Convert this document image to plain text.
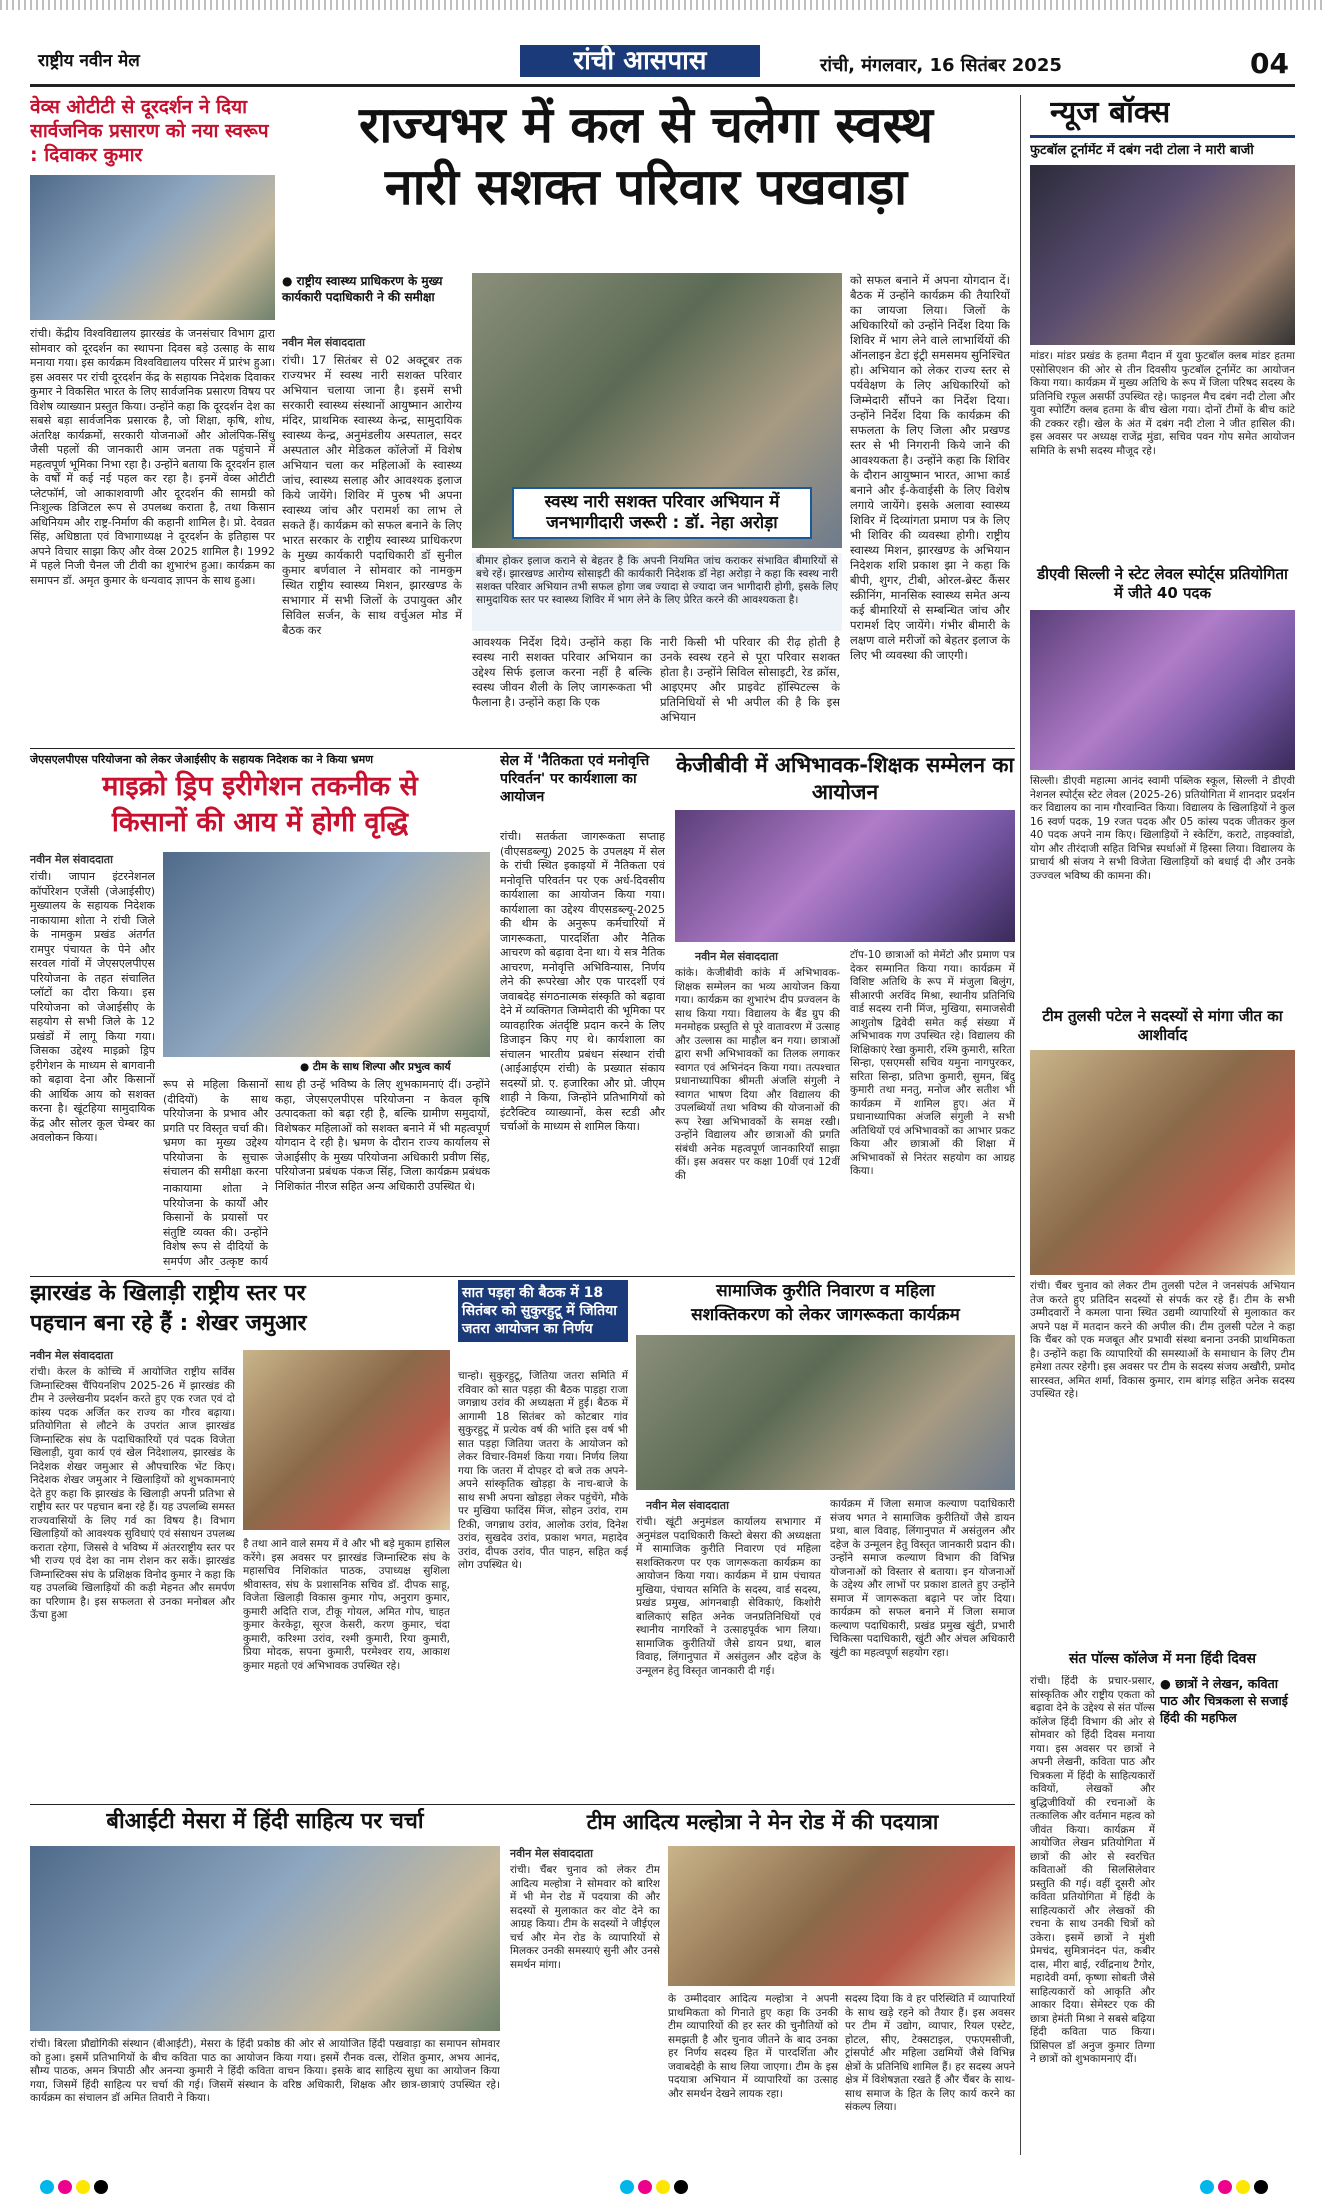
राष्ट्रीय नवीन मेल	रांची आसपास	रांची, मंगलवार, 16 सितंबर 2025	04
वेव्स ओटीटी से दूरदर्शन ने दिया सार्वजनिक प्रसारण को नया स्वरूप : दिवाकर कुमार
रांची। केंद्रीय विश्वविद्यालय झारखंड के जनसंचार विभाग द्वारा सोमवार को दूरदर्शन का स्थापना दिवस बड़े उत्साह के साथ मनाया गया। इस कार्यक्रम विश्वविद्यालय परिसर में प्रारंभ हुआ। इस अवसर पर रांची दूरदर्शन केंद्र के सहायक निदेशक दिवाकर कुमार ने विकसित भारत के लिए सार्वजनिक प्रसारण विषय पर विशेष व्याख्यान प्रस्तुत किया। उन्होंने कहा कि दूरदर्शन देश का सबसे बड़ा सार्वजनिक प्रसारक है, जो शिक्षा, कृषि, शोध, अंतरिक्ष कार्यक्रमों, सरकारी योजनाओं और ओलंपिक-सिंधु जैसी पहलों की जानकारी आम जनता तक पहुंचाने में महत्वपूर्ण भूमिका निभा रहा है। उन्होंने बताया कि दूरदर्शन हाल के वर्षों में कई नई पहल कर रहा है। इनमें वेव्स ओटीटी प्लेटफॉर्म, जो आकाशवाणी और दूरदर्शन की सामग्री को निःशुल्क डिजिटल रूप से उपलब्ध कराता है, तथा किसान अधिनियम और राष्ट्र-निर्माण की कहानी शामिल है। प्रो. देवव्रत सिंह, अधिष्ठाता एवं विभागाध्यक्ष ने दूरदर्शन के इतिहास पर अपने विचार साझा किए और वेव्स 2025 शामिल है। 1992 में पहले निजी चैनल जी टीवी का शुभारंभ हुआ। कार्यक्रम का समापन डॉ. अमृत कुमार के धन्यवाद ज्ञापन के साथ हुआ।
राज्यभर में कल से चलेगा स्वस्थ
नारी सशक्त परिवार पखवाड़ा
● राष्ट्रीय स्वास्थ्य प्राधिकरण के मुख्य कार्यकारी पदाधिकारी ने की समीक्षा
नवीन मेल संवाददाता
रांची। 17 सितंबर से 02 अक्टूबर तक राज्यभर में स्वस्थ नारी सशक्त परिवार अभियान चलाया जाना है। इसमें सभी सरकारी स्वास्थ्य संस्थानों आयुष्मान आरोग्य मंदिर, प्राथमिक स्वास्थ्य केन्द्र, सामुदायिक स्वास्थ्य केन्द्र, अनुमंडलीय अस्पताल, सदर अस्पताल और मेडिकल कॉलेजों में विशेष अभियान चला कर महिलाओं के स्वास्थ्य जांच, स्वास्थ्य सलाह और आवश्यक इलाज किये जायेंगे। शिविर में पुरुष भी अपना स्वास्थ्य जांच और परामर्श का लाभ ले सकते हैं। कार्यक्रम को सफल बनाने के लिए भारत सरकार के राष्ट्रीय स्वास्थ्य प्राधिकरण के मुख्य कार्यकारी पदाधिकारी डॉ सुनील कुमार बर्णवाल ने सोमवार को नामकुम स्थित राष्ट्रीय स्वास्थ्य मिशन, झारखण्ड के सभागार में सभी जिलों के उपायुक्त और सिविल सर्जन, के साथ वर्चुअल मोड में बैठक कर
स्वस्थ नारी सशक्त परिवार अभियान में जनभागीदारी जरूरी : डॉ. नेहा अरोड़ा
बीमार होकर इलाज कराने से बेहतर है कि अपनी नियमित जांच कराकर संभावित बीमारियों से बचे रहें। झारखण्ड आरोग्य सोसाइटी की कार्यकारी निदेशक डॉ नेहा अरोड़ा ने कहा कि स्वस्थ नारी सशक्त परिवार अभियान तभी सफल होगा जब ज्यादा से ज्यादा जन भागीदारी होगी, इसके लिए सामुदायिक स्तर पर स्वास्थ्य शिविर में भाग लेने के लिए प्रेरित करने की आवश्यकता है।
आवश्यक निर्देश दिये। उन्होंने कहा कि स्वस्थ नारी सशक्त परिवार अभियान का उद्देश्य सिर्फ इलाज करना नहीं है बल्कि स्वस्थ जीवन शैली के लिए जागरूकता भी फैलाना है। उन्होंने कहा कि एक
नारी किसी भी परिवार की रीढ़ होती है उनके स्वस्थ रहने से पूरा परिवार सशक्त होता है। उन्होंने सिविल सोसाइटी, रेड क्रॉस, आइएमए और प्राइवेट हॉस्पिटल्स के प्रतिनिधियों से भी अपील की है कि इस अभियान
को सफल बनाने में अपना योगदान दें। बैठक में उन्होंने कार्यक्रम की तैयारियों का जायजा लिया। जिलों के अधिकारियों को उन्होंने निर्देश दिया कि शिविर में भाग लेने वाले लाभार्थियों की ऑनलाइन डेटा इंट्री समसमय सुनिश्चित हो। अभियान को लेकर राज्य स्तर से पर्यवेक्षण के लिए अधिकारियों को जिम्मेदारी सौंपने का निर्देश दिया। उन्होंने निर्देश दिया कि कार्यक्रम की सफलता के लिए जिला और प्रखण्ड स्तर से भी निगरानी किये जाने की आवश्यकता है। उन्होंने कहा कि शिविर के दौरान आयुष्मान भारत, आभा कार्ड बनाने और ई-केवाईसी के लिए विशेष लगाये जायेंगे। इसके अलावा स्वास्थ्य शिविर में दिव्यांगता प्रमाण पत्र के लिए भी शिविर की व्यवस्था होगी। राष्ट्रीय स्वास्थ्य मिशन, झारखण्ड के अभियान निदेशक शशि प्रकाश झा ने कहा कि बीपी, शुगर, टीबी, ओरल-ब्रेस्ट कैंसर स्क्रीनिंग, मानसिक स्वास्थ्य समेत अन्य कई बीमारियों से सम्बन्धित जांच और परामर्श दिए जायेंगे। गंभीर बीमारी के लक्षण वाले मरीजों को बेहतर इलाज के लिए भी व्यवस्था की जाएगी।
न्यूज बॉक्स
फुटबॉल टूर्नामेंट में दबंग नदी टोला ने मारी बाजी
मांडर। मांडर प्रखंड के हतमा मैदान में युवा फुटबॉल क्लब मांडर हतमा एसोसिएशन की ओर से तीन दिवसीय फुटबॉल टूर्नामेंट का आयोजन किया गया। कार्यक्रम में मुख्य अतिथि के रूप में जिला परिषद सदस्य के प्रतिनिधि रफूल असर्फी उपस्थित रहे। फाइनल मैच दबंग नदी टोला और युवा स्पोर्टिंग क्लब हतमा के बीच खेला गया। दोनों टीमों के बीच कांटे की टक्कर रही। खेल के अंत में दबंग नदी टोला ने जीत हासिल की। इस अवसर पर अध्यक्ष राजेंद्र मुंडा, सचिव पवन गोप समेत आयोजन समिति के सभी सदस्य मौजूद रहे।
डीएवी सिल्ली ने स्टेट लेवल स्पोर्ट्स प्रतियोगिता में जीते 40 पदक
सिल्ली। डीएवी महात्मा आनंद स्वामी पब्लिक स्कूल, सिल्ली ने डीएवी नेशनल स्पोर्ट्स स्टेट लेवल (2025-26) प्रतियोगिता में शानदार प्रदर्शन कर विद्यालय का नाम गौरवान्वित किया। विद्यालय के खिलाड़ियों ने कुल 16 स्वर्ण पदक, 19 रजत पदक और 05 कांस्य पदक जीतकर कुल 40 पदक अपने नाम किए। खिलाड़ियों ने स्केटिंग, कराटे, ताइक्वांडो, योग और तीरंदाजी सहित विभिन्न स्पर्धाओं में हिस्सा लिया। विद्यालय के प्राचार्य श्री संजय ने सभी विजेता खिलाड़ियों को बधाई दी और उनके उज्ज्वल भविष्य की कामना की।
टीम तुलसी पटेल ने सदस्यों से मांगा जीत का आशीर्वाद
रांची। चैंबर चुनाव को लेकर टीम तुलसी पटेल ने जनसंपर्क अभियान तेज करते हुए प्रतिदिन सदस्यों से संपर्क कर रहे हैं। टीम के सभी उम्मीदवारों ने कमला पाना स्थित उद्यमी व्यापारियों से मुलाकात कर अपने पक्ष में मतदान करने की अपील की। टीम तुलसी पटेल ने कहा कि चैंबर को एक मजबूत और प्रभावी संस्था बनाना उनकी प्राथमिकता है। उन्होंने कहा कि व्यापारियों की समस्याओं के समाधान के लिए टीम हमेशा तत्पर रहेगी। इस अवसर पर टीम के सदस्य संजय अखौरी, प्रमोद सारस्वत, अमित शर्मा, विकास कुमार, राम बांगड़ सहित अनेक सदस्य उपस्थित रहे।
संत पॉल्स कॉलेज में मना हिंदी दिवस
● छात्रों ने लेखन, कविता पाठ और चित्रकला से सजाई हिंदी की महफिल
रांची। हिंदी के प्रचार-प्रसार, सांस्कृतिक और राष्ट्रीय एकता को बढ़ावा देने के उद्देश्य से संत पॉल्स कॉलेज हिंदी विभाग की ओर से सोमवार को हिंदी दिवस मनाया गया। इस अवसर पर छात्रों ने अपनी लेखनी, कविता पाठ और चित्रकला में हिंदी के साहित्यकारों कवियों, लेखकों और बुद्धिजीवियों की रचनाओं के तत्कालिक और वर्तमान महत्व को जीवंत किया। कार्यक्रम में आयोजित लेखन प्रतियोगिता में छात्रों की ओर से स्वरचित कविताओं की सिलसिलेवार प्रस्तुति की गई। वहीं दूसरी ओर कविता प्रतियोगिता में हिंदी के साहित्यकारों और लेखकों की रचना के साथ उनकी चित्रों को उकेरा। इसमें छात्रों ने मुंशी प्रेमचंद, सुमित्रानंदन पंत, कबीर दास, मीरा बाई, रवींद्रनाथ टैगोर, महादेवी वर्मा, कृष्णा सोबती जैसे साहित्यकारों को आकृति और आकार दिया। सेमेस्टर एक की छात्रा हेमंती मिश्रा ने सबसे बढ़िया हिंदी कविता पाठ किया। प्रिंसिपल डॉ अनुज कुमार तिग्गा ने छात्रों को शुभकामनाएं दीं।
जेएसएलपीएस परियोजना को लेकर जेआईसीए के सहायक निदेशक का ने किया भ्रमण
माइक्रो ड्रिप इरीगेशन तकनीक से
किसानों की आय में होगी वृद्धि
नवीन मेल संवाददाता
रांची। जापान इंटरनेशनल कॉर्पोरेशन एजेंसी (जेआईसीए) मुख्यालय के सहायक निदेशक नाकायामा शोता ने रांची जिले के नामकुम प्रखंड अंतर्गत रामपुर पंचायत के पेने और सरवल गांवों में जेएसएलपीएस परियोजना के तहत संचालित प्लॉटों का दौरा किया। इस परियोजना को जेआईसीए के सहयोग से सभी जिले के 12 प्रखंडों में लागू किया गया। जिसका उद्देश्य माइक्रो ड्रिप इरीगेशन के माध्यम से बागवानी को बढ़ावा देना और किसानों की आर्थिक आय को सशक्त करना है। खूंटहिया सामुदायिक केंद्र और सोलर कूल चेम्बर का अवलोकन किया।
● टीम के साथ शिल्पा और प्रभुत्व कार्य
रूप से महिला किसानों (दीदियों) के साथ परियोजना के प्रभाव और प्रगति पर विस्तृत चर्चा की। भ्रमण का मुख्य उद्देश्य परियोजना के सुचारू संचालन की समीक्षा करना
नाकायामा शोता ने परियोजना के कार्यों और किसानों के प्रयासों पर संतुष्टि व्यक्त की। उन्होंने विशेष रूप से दीदियों के समर्पण और उत्कृष्ट कार्य
साथ ही उन्हें भविष्य के लिए शुभकामनाएं दीं। उन्होंने कहा, जेएसएलपीएस परियोजना न केवल कृषि उत्पादकता को बढ़ा रही है, बल्कि ग्रामीण समुदायों, विशेषकर महिलाओं को सशक्त बनाने में भी महत्वपूर्ण योगदान दे रही है। भ्रमण के दौरान राज्य कार्यालय से जेआईसीए के मुख्य परियोजना अधिकारी प्रवीण सिंह, परियोजना प्रबंधक पंकज सिंह, जिला कार्यक्रम प्रबंधक निशिकांत नीरज सहित अन्य अधिकारी उपस्थित थे।
सेल में 'नैतिकता एवं मनोवृत्ति परिवर्तन' पर कार्यशाला का आयोजन
रांची। सतर्कता जागरूकता सप्ताह (वीएसडब्ल्यू) 2025 के उपलक्ष्य में सेल के रांची स्थित इकाइयों में नैतिकता एवं मनोवृत्ति परिवर्तन पर एक अर्ध-दिवसीय कार्यशाला का आयोजन किया गया। कार्यशाला का उद्देश्य वीएसडब्ल्यू-2025 की थीम के अनुरूप कर्मचारियों में जागरूकता, पारदर्शिता और नैतिक आचरण को बढ़ावा देना था। ये सत्र नैतिक आचरण, मनोवृत्ति अभिविन्यास, निर्णय लेने की रूपरेखा और एक पारदर्शी एवं जवाबदेह संगठनात्मक संस्कृति को बढ़ावा देने में व्यक्तिगत जिम्मेदारी की भूमिका पर व्यावहारिक अंतर्दृष्टि प्रदान करने के लिए डिजाइन किए गए थे। कार्यशाला का संचालन भारतीय प्रबंधन संस्थान रांची (आईआईएम रांची) के प्रख्यात संकाय सदस्यों प्रो. ए. हजारिका और प्रो. जीएम शाही ने किया, जिन्होंने प्रतिभागियों को इंटरैक्टिव व्याख्यानों, केस स्टडी और चर्चाओं के माध्यम से शामिल किया।
केजीबीवी में अभिभावक-शिक्षक सम्मेलन का आयोजन
नवीन मेल संवाददाता
कांके। केजीबीवी कांके में अभिभावक-शिक्षक सम्मेलन का भव्य आयोजन किया गया। कार्यक्रम का शुभारंभ दीप प्रज्वलन के साथ किया गया। विद्यालय के बैंड ग्रुप की मनमोहक प्रस्तुति से पूरे वातावरण में उत्साह और उल्लास का माहौल बन गया। छात्राओं द्वारा सभी अभिभावकों का तिलक लगाकर स्वागत एवं अभिनंदन किया गया। तत्पश्चात प्रधानाध्यापिका श्रीमती अंजलि संगुली ने स्वागत भाषण दिया और विद्यालय की उपलब्धियों तथा भविष्य की योजनाओं की रूप रेखा अभिभावकों के समक्ष रखी। उन्होंने विद्यालय और छात्राओं की प्रगति संबंधी अनेक महत्वपूर्ण जानकारियाँ साझा कीं। इस अवसर पर कक्षा 10वीं एवं 12वीं की
टॉप-10 छात्राओं को मेमेंटो और प्रमाण पत्र देकर सम्मानित किया गया। कार्यक्रम में विशिष्ट अतिथि के रूप में मंजुला बिलुंग, सीआरपी अरविंद मिश्रा, स्थानीय प्रतिनिधि वार्ड सदस्य रानी मिंज, मुखिया, समाजसेवी आशुतोष द्विवेदी समेत कई संख्या में अभिभावक गण उपस्थित रहे। विद्यालय की शिक्षिकाएं रेखा कुमारी, रश्मि कुमारी, सरिता सिन्हा, एसएमसी सचिव यमुना नागपुरकर, सरिता सिन्हा, प्रतिभा कुमारी, सुमन, बिंदु कुमारी तथा मनतु, मनोज और सतीश भी कार्यक्रम में शामिल हुए। अंत में प्रधानाध्यापिका अंजलि संगुली ने सभी अतिथियों एवं अभिभावकों का आभार प्रकट किया और छात्राओं की शिक्षा में अभिभावकों से निरंतर सहयोग का आग्रह किया।
झारखंड के खिलाड़ी राष्ट्रीय स्तर पर
पहचान बना रहे हैं : शेखर जमुआर
नवीन मेल संवाददाता
रांची। केरल के कोच्चि में आयोजित राष्ट्रीय सर्विस जिम्नास्टिक्स चैंपियनशिप 2025-26 में झारखंड की टीम ने उल्लेखनीय प्रदर्शन करते हुए एक रजत एवं दो कांस्य पदक अर्जित कर राज्य का गौरव बढ़ाया। प्रतियोगिता से लौटने के उपरांत आज झारखंड जिम्नास्टिक संघ के पदाधिकारियों एवं पदक विजेता खिलाड़ी, युवा कार्य एवं खेल निदेशालय, झारखंड के निदेशक शेखर जमुआर से औपचारिक भेंट किए। निदेशक शेखर जमुआर ने खिलाड़ियों को शुभकामनाएं देते हुए कहा कि झारखंड के खिलाड़ी अपनी प्रतिभा से राष्ट्रीय स्तर पर पहचान बना रहे हैं। यह उपलब्धि समस्त राज्यवासियों के लिए गर्व का विषय है। विभाग खिलाड़ियों को आवश्यक सुविधाएं एवं संसाधन उपलब्ध कराता रहेगा, जिससे वे भविष्य में अंतरराष्ट्रीय स्तर पर भी राज्य एवं देश का नाम रोशन कर सकें। झारखंड जिम्नास्टिक्स संघ के प्रशिक्षक विनोद कुमार ने कहा कि यह उपलब्धि खिलाड़ियों की कड़ी मेहनत और समर्पण का परिणाम है। इस सफलता से उनका मनोबल और ऊँचा हुआ
है तथा आने वाले समय में वे और भी बड़े मुकाम हासिल करेंगे। इस अवसर पर झारखंड जिम्नास्टिक संघ के महासचिव निशिकांत पाठक, उपाध्यक्ष सुशिला श्रीवास्तव, संघ के प्रशासनिक सचिव डॉ. दीपक साहू, विजेता खिलाड़ी विकास कुमार गोप, अनुराग कुमार, कुमारी अदिति राज, टीकू गोयल, अमित गोप, चाहत कुमार केरकेट्टा, सूरज केसरी, करण कुमार, चंदा कुमारी, करिश्मा उरांव, रश्मी कुमारी, रिया कुमारी, प्रिया मोदक, सपना कुमारी, परमेश्वर राय, आकाश कुमार महतो एवं अभिभावक उपस्थित रहे।
सात पड़हा की बैठक में 18 सितंबर को सुकुरहुटू में जितिया जतरा आयोजन का निर्णय
चान्हो। सुकुरहुटू, जितिया जतरा समिति में रविवार को सात पड़हा की बैठक पाड़हा राजा जगन्नाथ उरांव की अध्यक्षता में हुई। बैठक में आगामी 18 सितंबर को कोटबार गांव सुकुरहुटू में प्रत्येक वर्ष की भांति इस वर्ष भी सात पड़हा जितिया जतरा के आयोजन को लेकर विचार-विमर्श किया गया। निर्णय लिया गया कि जतरा में दोपहर दो बजे तक अपने-अपने सांस्कृतिक खोड़हा के नाच-बाजे के साथ सभी अपना खोड़हा लेकर पहुंचेंगे, मौके पर मुखिया फादिंस मिंज, सोहन उरांव, राम टिकी, जगन्नाथ उरांव, आलोक उरांव, दिनेश उरांव, सुखदेव उरांव, प्रकाश भगत, महादेव उरांव, दीपक उरांव, पीत पाहन, सहित कई लोग उपस्थित थे।
सामाजिक कुरीति निवारण व महिला
सशक्तिकरण को लेकर जागरूकता कार्यक्रम
नवीन मेल संवाददाता
रांची। खूंटी अनुमंडल कार्यालय सभागार में अनुमंडल पदाधिकारी किस्टो बेसरा की अध्यक्षता में सामाजिक कुरीति निवारण एवं महिला सशक्तिकरण पर एक जागरूकता कार्यक्रम का आयोजन किया गया। कार्यक्रम में ग्राम पंचायत मुखिया, पंचायत समिति के सदस्य, वार्ड सदस्य, प्रखंड प्रमुख, आंगनबाड़ी सेविकाएं, किशोरी बालिकाएं सहित अनेक जनप्रतिनिधियों एवं स्थानीय नागरिकों ने उत्साहपूर्वक भाग लिया। सामाजिक कुरीतियों जैसे डायन प्रथा, बाल विवाह, लिंगानुपात में असंतुलन और दहेज के उन्मूलन हेतु विस्तृत जानकारी दी गई।
कार्यक्रम में जिला समाज कल्याण पदाधिकारी संजय भगत ने सामाजिक कुरीतियों जैसे डायन प्रथा, बाल विवाह, लिंगानुपात में असंतुलन और दहेज के उन्मूलन हेतु विस्तृत जानकारी प्रदान की। उन्होंने समाज कल्याण विभाग की विभिन्न योजनाओं को विस्तार से बताया। इन योजनाओं के उद्देश्य और लाभों पर प्रकाश डालते हुए उन्होंने समाज में जागरूकता बढ़ाने पर जोर दिया। कार्यक्रम को सफल बनाने में जिला समाज कल्याण पदाधिकारी, प्रखंड प्रमुख खुंटी, प्रभारी चिकित्सा पदाधिकारी, खुंटी और अंचल अधिकारी खुंटी का महत्वपूर्ण सहयोग रहा।
बीआईटी मेसरा में हिंदी साहित्य पर चर्चा
रांची। बिरला प्रौद्योगिकी संस्थान (बीआईटी), मेसरा के हिंदी प्रकोष्ठ की ओर से आयोजित हिंदी पखवाड़ा का समापन सोमवार को हुआ। इसमें प्रतिभागियों के बीच कविता पाठ का आयोजन किया गया। इसमें रौनक वत्स, रोशित कुमार, अभय आनंद, सौम्य पाठक, अमन त्रिपाठी और अनन्या कुमारी ने हिंदी कविता वाचन किया। इसके बाद साहित्य सुधा का आयोजन किया गया, जिसमें हिंदी साहित्य पर चर्चा की गई। जिसमें संस्थान के वरिष्ठ अधिकारी, शिक्षक और छात्र-छात्राएं उपस्थित रहे। कार्यक्रम का संचालन डॉ अमित तिवारी ने किया।
टीम आदित्य मल्होत्रा ने मेन रोड में की पदयात्रा
नवीन मेल संवाददाता
रांची। चैंबर चुनाव को लेकर टीम आदित्य मल्होत्रा ने सोमवार को बारिश में भी मेन रोड में पदयात्रा की और सदस्यों से मुलाकात कर वोट देने का आग्रह किया। टीम के सदस्यों ने जीईएल चर्च और मेन रोड के व्यापारियों से मिलकर उनकी समस्याएं सुनी और उनसे समर्थन मांगा।
के उम्मीदवार आदित्य मल्होत्रा ने अपनी प्राथमिकता को गिनाते हुए कहा कि उनकी टीम व्यापारियों की हर स्तर की चुनौतियों को समझती है और चुनाव जीतने के बाद उनका हर निर्णय सदस्य हित में पारदर्शिता और जवाबदेही के साथ लिया जाएगा। टीम के इस पदयात्रा अभियान में व्यापारियों का उत्साह और समर्थन देखने लायक रहा।
सदस्य दिया कि वे हर परिस्थिति में व्यापारियों के साथ खड़े रहने को तैयार हैं। इस अवसर पर टीम में उद्योग, व्यापार, रियल एस्टेट, होटल, सीए, टेक्सटाइल, एफएमसीजी, ट्रांसपोर्ट और महिला उद्यमियों जैसे विभिन्न क्षेत्रों के प्रतिनिधि शामिल हैं। हर सदस्य अपने क्षेत्र में विशेषज्ञता रखते हैं और चैंबर के साथ-साथ समाज के हित के लिए कार्य करने का संकल्प लिया।
